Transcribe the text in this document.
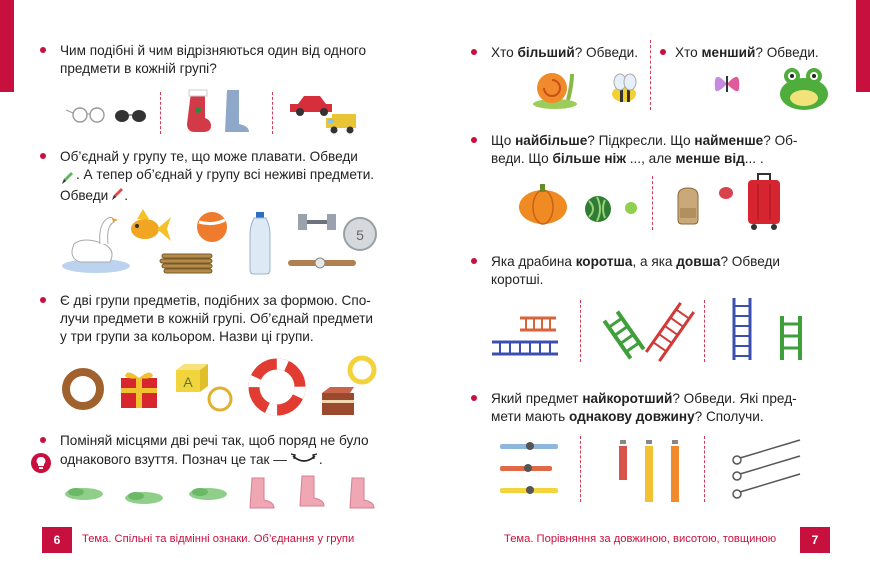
Чим подібні й чим відрізняються один від одного
предмети в кожній групі?
Об’єднай у групу те, що може плавати. Обведи
. А тепер об’єднай у групу всі неживі предмети.
Обведи .
5
Є дві групи предметів, подібних за формою. Спо-
лучи предмети в кожній групі. Об’єднай предмети
у три групи за кольором. Назви ці групи.
A
Поміняй місцями дві речі так, щоб поряд не було
однакового взуття. Познач це так — .
6	Тема. Спільні та відмінні ознаки. Об’єднання у групи
Хто більший? Обведи.	Хто менший? Обведи.
Що найбільше? Підкресли. Що найменше? Об-
веди. Що більше ніж ..., але менше від... .
Яка драбина коротша, а яка довша? Обведи
коротші.
Який предмет найкоротший? Обведи. Які пред-
мети мають однакову довжину? Сполучи.
Тема. Порівняння за довжиною, висотою, товщиною	7
